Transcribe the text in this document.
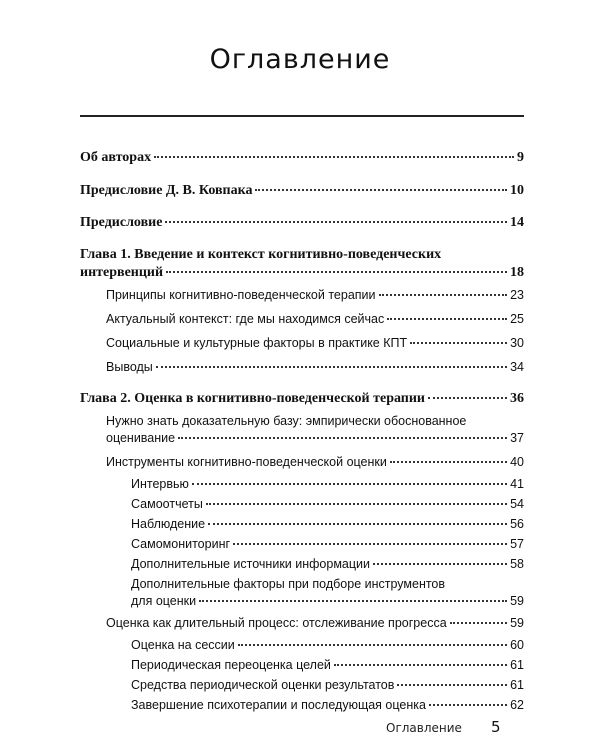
Оглавление
Об авторах	9
Предисловие Д. В. Ковпака	10
Предисловие	14
Глава 1. Введение и контекст когнитивно-поведенческих
интервенций	18
Принципы когнитивно-поведенческой терапии	23
Актуальный контекст: где мы находимся сейчас	25
Социальные и культурные факторы в практике КПТ	30
Выводы	34
Глава 2. Оценка в когнитивно-поведенческой терапии	36
Нужно знать доказательную базу: эмпирически обоснованное
оценивание	37
Инструменты когнитивно-поведенческой оценки	40
Интервью	41
Самоотчеты	54
Наблюдение	56
Самомониторинг	57
Дополнительные источники информации	58
Дополнительные факторы при подборе инструментов
для оценки	59
Оценка как длительный процесс: отслеживание прогресса	59
Оценка на сессии	60
Периодическая переоценка целей	61
Средства периодической оценки результатов	61
Завершение психотерапии и последующая оценка	62
Оглавление 5
